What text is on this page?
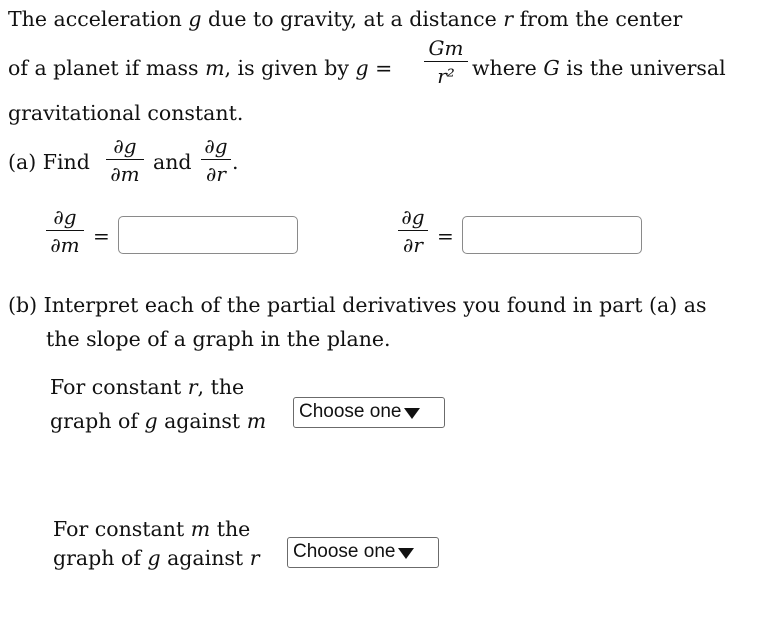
The acceleration g due to gravity, at a distance r from the center
of a planet if mass m, is given by g =
Gm
r² where G is the universal
gravitational constant.
(a) Find
∂g
∂m and
∂g
∂r .
∂g
∂m =
∂g
∂r =
(b) Interpret each of the partial derivatives you found in part (a) as
the slope of a graph in the plane.
For constant r, the
graph of g against m Choose one
For constant m the
graph of g against r Choose one
